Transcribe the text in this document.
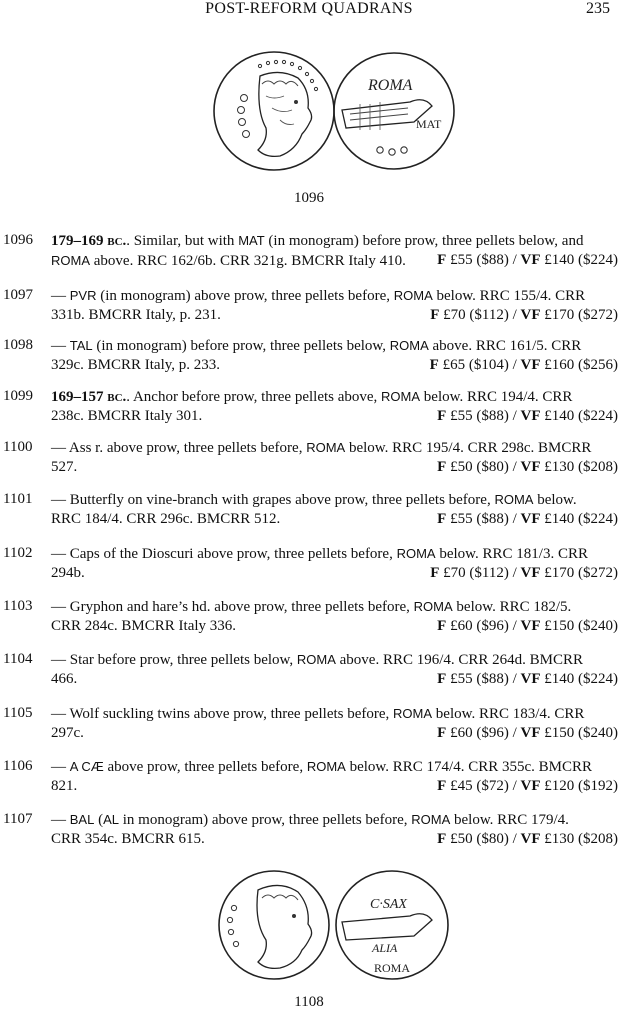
POST-REFORM QUADRANS	235
ROMA
MAT
1096
1096 179–169 bc.. Similar, but with MAT (in monogram) before prow, three pellets below, and
ROMA above. RRC 162/6b. CRR 321g. BMCRR Italy 410. F £55 ($88) / VF £140 ($224)
1097 — PVR (in monogram) above prow, three pellets before, ROMA below. RRC 155/4. CRR
331b. BMCRR Italy, p. 231.	F £70 ($112) / VF £170 ($272)
1098 — TAL (in monogram) before prow, three pellets below, ROMA above. RRC 161/5. CRR
329c. BMCRR Italy, p. 233.	F £65 ($104) / VF £160 ($256)
1099 169–157 bc.. Anchor before prow, three pellets above, ROMA below. RRC 194/4. CRR
238c. BMCRR Italy 301.	F £55 ($88) / VF £140 ($224)
1100 — Ass r. above prow, three pellets before, ROMA below. RRC 195/4. CRR 298c. BMCRR
527.	F £50 ($80) / VF £130 ($208)
1101 — Butterfly on vine-branch with grapes above prow, three pellets before, ROMA below.
RRC 184/4. CRR 296c. BMCRR 512.	F £55 ($88) / VF £140 ($224)
1102 — Caps of the Dioscuri above prow, three pellets before, ROMA below. RRC 181/3. CRR
294b.	F £70 ($112) / VF £170 ($272)
1103 — Gryphon and hare’s hd. above prow, three pellets before, ROMA below. RRC 182/5.
CRR 284c. BMCRR Italy 336.	F £60 ($96) / VF £150 ($240)
1104 — Star before prow, three pellets below, ROMA above. RRC 196/4. CRR 264d. BMCRR
466.	F £55 ($88) / VF £140 ($224)
1105 — Wolf suckling twins above prow, three pellets before, ROMA below. RRC 183/4. CRR
297c.	F £60 ($96) / VF £150 ($240)
1106 — A CÆ above prow, three pellets before, ROMA below. RRC 174/4. CRR 355c. BMCRR
821.	F £45 ($72) / VF £120 ($192)
1107 — BAL (AL in monogram) above prow, three pellets before, ROMA below. RRC 179/4.
CRR 354c. BMCRR 615.	F £50 ($80) / VF £130 ($208)
C·SAX
ALIA
ROMA
1108
